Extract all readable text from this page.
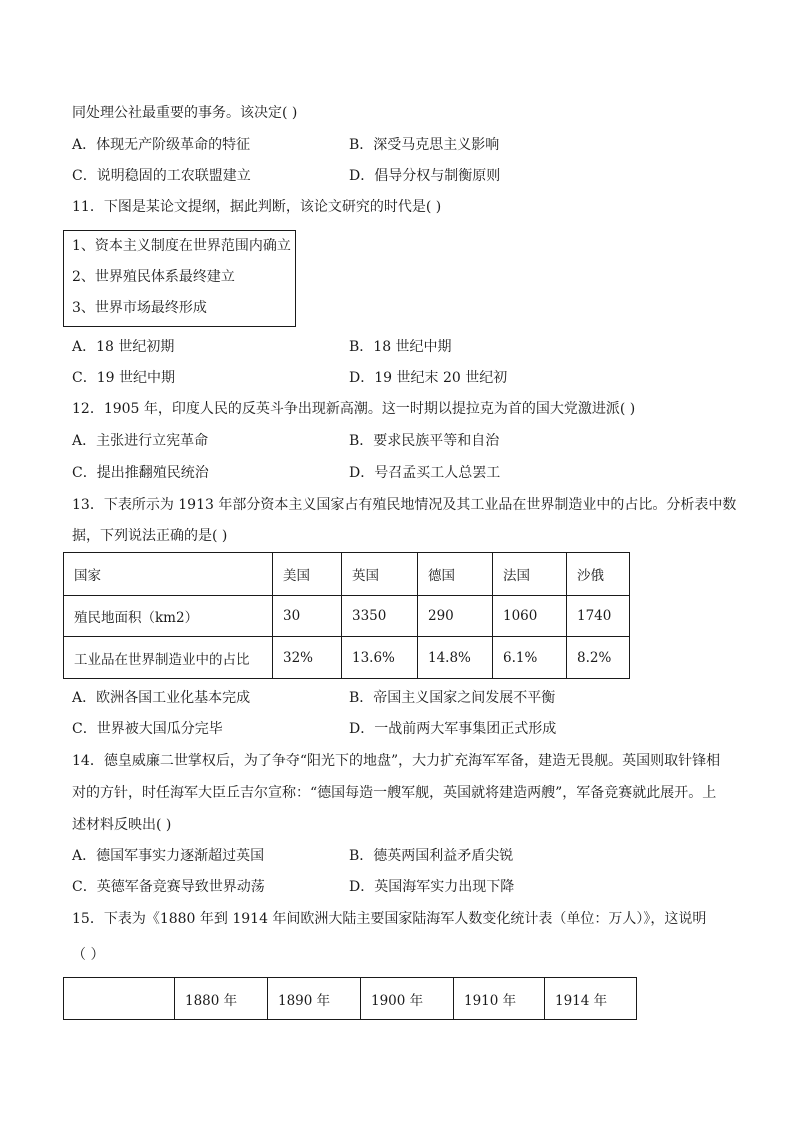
同处理公社最重要的事务。该决定( )
A．体现无产阶级革命的特征	B．深受马克思主义影响
C．说明稳固的工农联盟建立	D．倡导分权与制衡原则
11．下图是某论文提纲，据此判断，该论文研究的时代是( )
1、资本主义制度在世界范围内确立
2、世界殖民体系最终建立
3、世界市场最终形成
A．18 世纪初期	B．18 世纪中期
C．19 世纪中期	D．19 世纪末 20 世纪初
12．1905 年，印度人民的反英斗争出现新高潮。这一时期以提拉克为首的国大党激进派( )
A．主张进行立宪革命	B．要求民族平等和自治
C．提出推翻殖民统治	D．号召孟买工人总罢工
13．下表所示为 1913 年部分资本主义国家占有殖民地情况及其工业品在世界制造业中的占比。分析表中数
据，下列说法正确的是( )
国家	美国	英国	德国	法国	沙俄
殖民地面积（km2）	30	3350	290	1060	1740
工业品在世界制造业中的占比	32%	13.6%	14.8%	6.1%	8.2%
A．欧洲各国工业化基本完成	B．帝国主义国家之间发展不平衡
C．世界被大国瓜分完毕	D．一战前两大军事集团正式形成
14．德皇威廉二世掌权后，为了争夺“阳光下的地盘”，大力扩充海军军备，建造无畏舰。英国则取针锋相
对的方针，时任海军大臣丘吉尔宣称：“德国每造一艘军舰，英国就将建造两艘”，军备竞赛就此展开。上
述材料反映出( )
A．德国军事实力逐渐超过英国	B．德英两国利益矛盾尖锐
C．英德军备竞赛导致世界动荡	D．英国海军实力出现下降
15．下表为《1880 年到 1914 年间欧洲大陆主要国家陆海军人数变化统计表（单位：万人）》，这说明
（ ）
	1880 年	1890 年	1900 年	1910 年	1914 年
